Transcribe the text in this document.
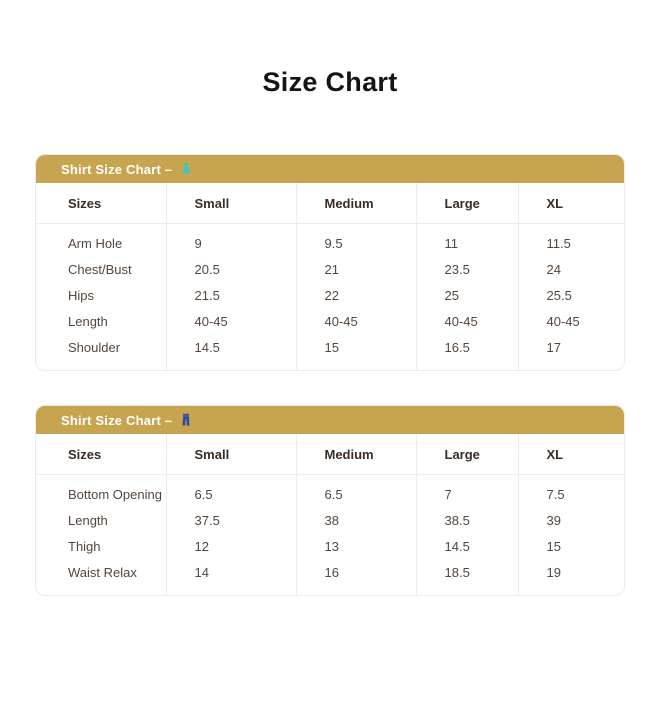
Size Chart
Shirt Size Chart –
Sizes	Small	Medium	Large	XL
Arm Hole	9	9.5	11	11.5
Chest/Bust	20.5	21	23.5	24
Hips	21.5	22	25	25.5
Length	40-45	40-45	40-45	40-45
Shoulder	14.5	15	16.5	17
Shirt Size Chart –
Sizes	Small	Medium	Large	XL
Bottom Opening	6.5	6.5	7	7.5
Length	37.5	38	38.5	39
Thigh	12	13	14.5	15
Waist Relax	14	16	18.5	19
